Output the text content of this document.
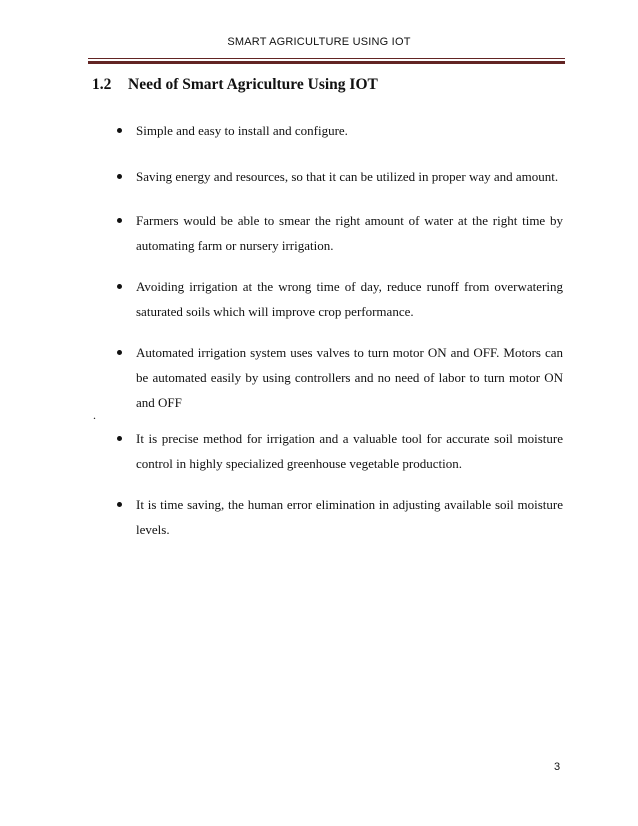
SMART AGRICULTURE USING IOT
1.2 Need of Smart Agriculture Using IOT
Simple and easy to install and configure.
Saving energy and resources, so that it can be utilized in proper way and amount.
Farmers would be able to smear the right amount of water at the right time by automating farm or nursery irrigation.
Avoiding irrigation at the wrong time of day, reduce runoff from overwatering saturated soils which will improve crop performance.
Automated irrigation system uses valves to turn motor ON and OFF. Motors can be automated easily by using controllers and no need of labor to turn motor ON and OFF
.
It is precise method for irrigation and a valuable tool for accurate soil moisture control in highly specialized greenhouse vegetable production.
It is time saving, the human error elimination in adjusting available soil moisture levels.
3
